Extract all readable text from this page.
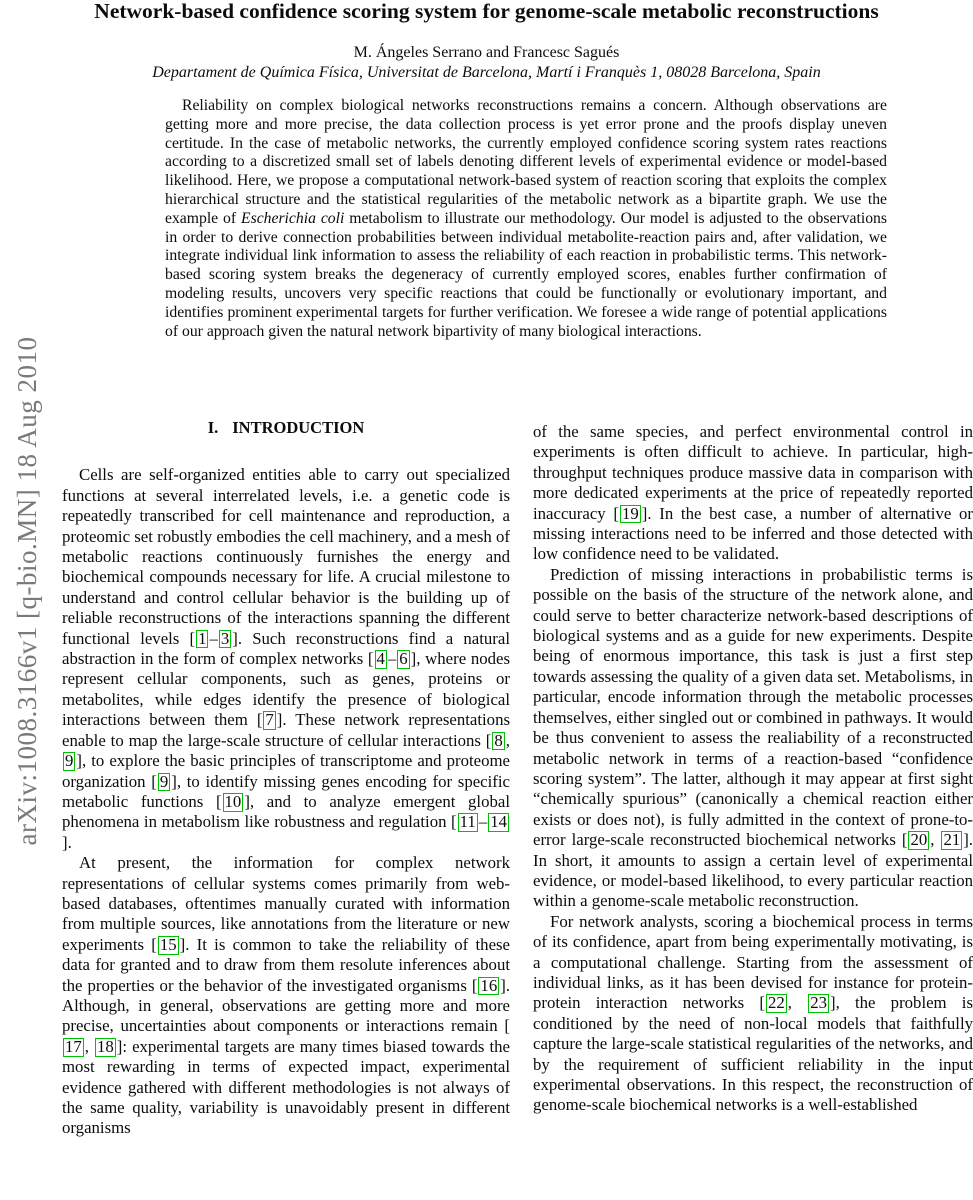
arXiv:1008.3166v1 [q-bio.MN] 18 Aug 2010
Network-based confidence scoring system for genome-scale metabolic reconstructions
M. Ángeles Serrano and Francesc Sagués
Departament de Química Física, Universitat de Barcelona, Martí i Franquès 1, 08028 Barcelona, Spain

Reliability on complex biological networks reconstructions remains a concern. Although observations are getting more and more precise, the data collection process is yet error prone and the proofs display uneven certitude. In the case of metabolic networks, the currently employed confidence scoring system rates reactions according to a discretized small set of labels denoting different levels of experimental evidence or model-based likelihood. Here, we propose a computational network-based system of reaction scoring that exploits the complex hierarchical structure and the statistical regularities of the metabolic network as a bipartite graph. We use the example of Escherichia coli metabolism to illustrate our methodology. Our model is adjusted to the observations in order to derive connection probabilities between individual metabolite-reaction pairs and, after validation, we integrate individual link information to assess the reliability of each reaction in probabilistic terms. This network-based scoring system breaks the degeneracy of currently employed scores, enables further confirmation of modeling results, uncovers very specific reactions that could be functionally or evolutionary important, and identifies prominent experimental targets for further verification. We foresee a wide range of potential applications of our approach given the natural network bipartivity of many biological interactions.

I. INTRODUCTION

Cells are self-organized entities able to carry out specialized functions at several interrelated levels, i.e. a genetic code is repeatedly transcribed for cell maintenance and reproduction, a proteomic set robustly embodies the cell machinery, and a mesh of metabolic reactions continuously furnishes the energy and biochemical compounds necessary for life. A crucial milestone to understand and control cellular behavior is the building up of reliable reconstructions of the interactions spanning the different functional levels [ 1 – 3 ]. Such reconstructions find a natural abstraction in the form of complex networks [ 4 – 6 ], where nodes represent cellular components, such as genes, proteins or metabolites, while edges identify the presence of biological interactions between them [ 7 ]. These network representations enable to map the large-scale structure of cellular interactions [ 8 , 9 ], to explore the basic principles of transcriptome and proteome organization [ 9 ], to identify missing genes encoding for specific metabolic functions [ 10 ], and to analyze emergent global phenomena in metabolism like robustness and regulation [ 11 – 14].

At present, the information for complex network representations of cellular systems comes primarily from web-based databases, oftentimes manually curated with information from multiple sources, like annotations from the literature or new experiments [ 15 ]. It is common to take the reliability of these data for granted and to draw from them resolute inferences about the properties or the behavior of the investigated organisms [ 16 ]. Although, in general, observations are getting more and more precise, uncertainties about components or interactions remain [17 , 18 ]: experimental targets are many times biased towards the most rewarding in terms of expected impact, experimental evidence gathered with different methodologies is not always of the same quality, variability is unavoidably present in different organisms

of the same species, and perfect environmental control in experiments is often difficult to achieve. In particular, high-throughput techniques produce massive data in comparison with more dedicated experiments at the price of repeatedly reported inaccuracy [ 19 ]. In the best case, a number of alternative or missing interactions need to be inferred and those detected with low confidence need to be validated.

Prediction of missing interactions in probabilistic terms is possible on the basis of the structure of the network alone, and could serve to better characterize network-based descriptions of biological systems and as a guide for new experiments. Despite being of enormous importance, this task is just a first step towards assessing the quality of a given data set. Metabolisms, in particular, encode information through the metabolic processes themselves, either singled out or combined in pathways. It would be thus convenient to assess the realiability of a reconstructed metabolic network in terms of a reaction-based “confidence scoring system”. The latter, although it may appear at first sight “chemically spurious” (canonically a chemical reaction either exists or does not), is fully admitted in the context of prone-to-error large-scale reconstructed biochemical networks [ 20 , 21 ]. In short, it amounts to assign a certain level of experimental evidence, or model-based likelihood, to every particular reaction within a genome-scale metabolic reconstruction.

For network analysts, scoring a biochemical process in terms of its confidence, apart from being experimentally motivating, is a computational challenge. Starting from the assessment of individual links, as it has been devised for instance for protein-protein interaction networks [ 22 , 23 ], the problem is conditioned by the need of non-local models that faithfully capture the large-scale statistical regularities of the networks, and by the requirement of sufficient reliability in the input experimental observations. In this respect, the reconstruction of genome-scale biochemical networks is a well-established
